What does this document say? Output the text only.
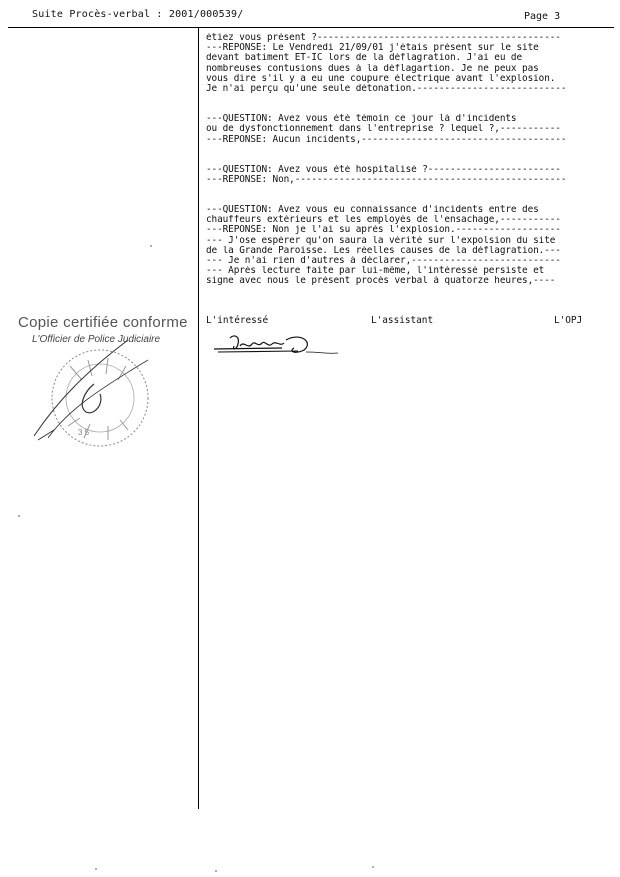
Suite Procès-verbal : 2001/000539/	Page 3
étiez vous présent ?--------------------------------------------
---REPONSE: Le Vendredi 21/09/01 j'étais présent sur le site
devant batiment ET-IC lors de la déflagration. J'ai eu de
nombreuses contusions dues à la déflagartion. Je ne peux pas
vous dire s'il y a eu une coupure électrique avant l'explosion.
Je n'ai perçu qu'une seule détonation.---------------------------
---QUESTION: Avez vous été témoin ce jour là d'incidents
ou de dysfonctionnement dans l'entreprise ? lequel ?,-----------
---REPONSE: Aucun incidents,-------------------------------------
---QUESTION: Avez vous été hospitalisé ?------------------------
---REPONSE: Non,-------------------------------------------------
---QUESTION: Avez vous eu connaissance d'incidents entre des
chauffeurs extérieurs et les employés de l'ensachage,-----------
---REPONSE: Non je l'ai su aprés l'explosion.-------------------
--- J'ose espérer qu'on saura la vérité sur l'expolsion du site
de la Grande Paroisse. Les réelles causes de la déflagration.---
--- Je n'ai rien d'autres à déclarer,---------------------------
--- Aprés lecture faite par lui-même, l'intéressé persiste et
signe avec nous le présent procés verbal à quatorze heures,----
L'intéressé	L'assistant	L'OPJ
3 5
Copie certifiée conforme
L'Officier de Police Judiciaire
